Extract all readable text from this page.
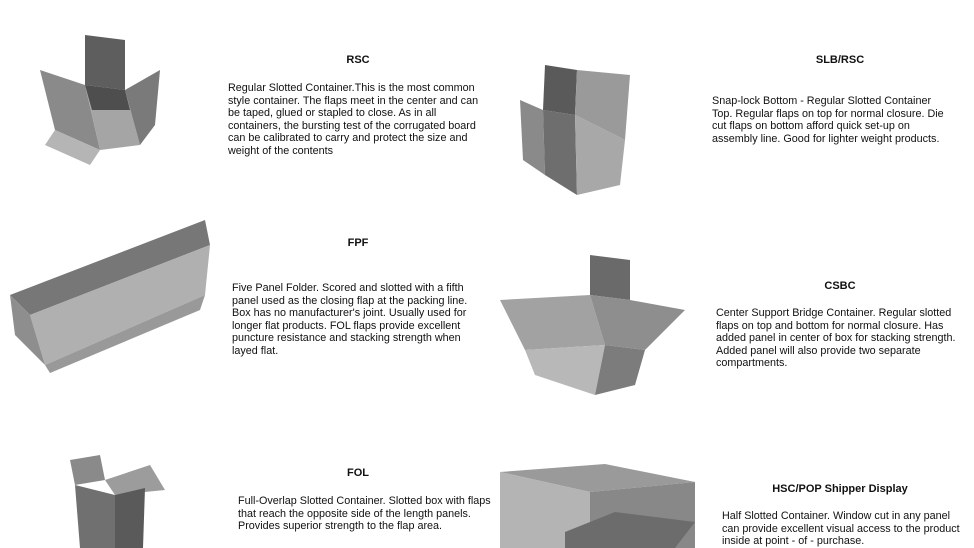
RSC

Regular Slotted Container.This is the most common style container. The flaps meet in the center and can be taped, glued or stapled to close. As in all containers, the bursting test of the corrugated board can be calibrated to carry and protect the size and weight of the contents

SLB/RSC

Snap-lock Bottom - Regular Slotted Container Top. Regular flaps on top for normal closure. Die cut flaps on bottom afford quick set-up on assembly line. Good for lighter weight products.

FPF

Five Panel Folder. Scored and slotted with a fifth panel used as the closing flap at the packing line. Box has no manufacturer's joint. Usually used for longer flat products. FOL flaps provide excellent puncture resistance and stacking strength when layed flat.

CSBC

Center Support Bridge Container. Regular slotted flaps on top and bottom for normal closure. Has added panel in center of box for stacking strength. Added panel will also provide two separate compartments.

FOL

Full-Overlap Slotted Container. Slotted box with flaps that reach the opposite side of the length panels.
Provides superior strength to the flap area.

HSC/POP Shipper Display

Half Slotted Container. Window cut in any panel can provide excellent visual access to the product inside at point - of - purchase.
